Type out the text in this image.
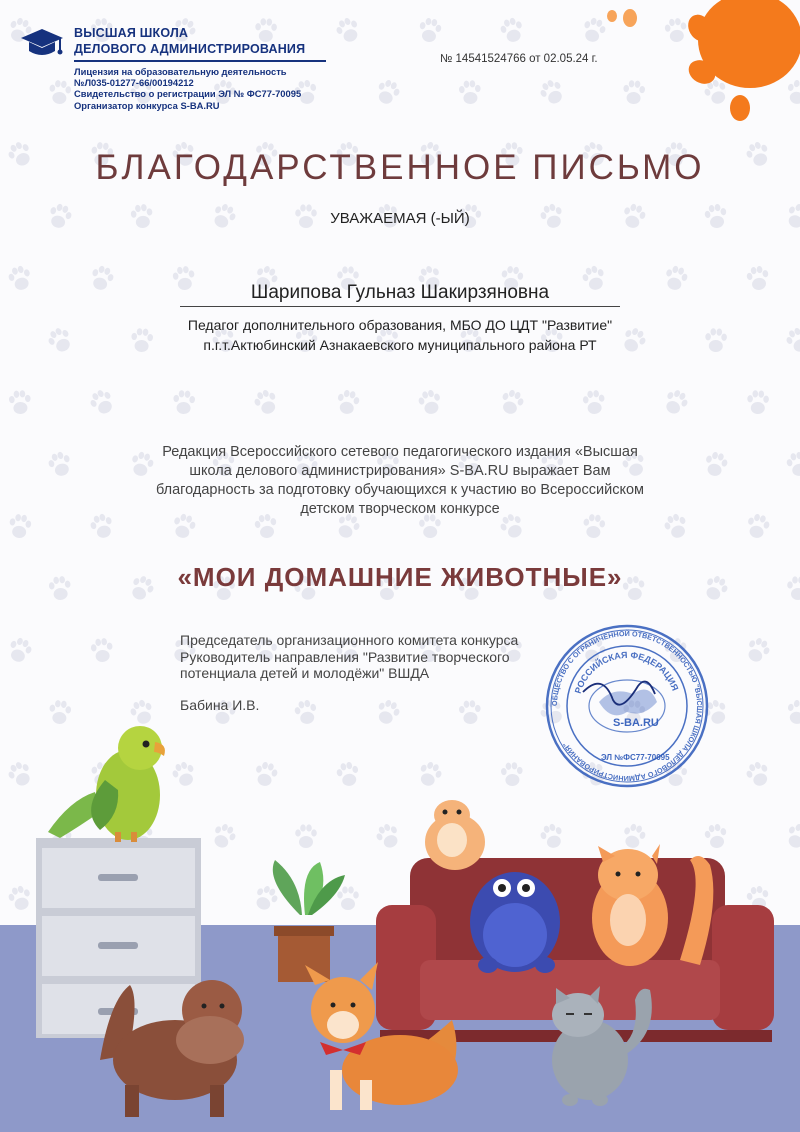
ВЫСШАЯ ШКОЛА
ДЕЛОВОГО АДМИНИСТРИРОВАНИЯ
Лицензия на образовательную деятельность
№Л035-01277-66/00194212
Свидетельство о регистрации ЭЛ № ФС77-70095
Организатор конкурса S-BA.RU
№ 14541524766 от 02.05.24 г.
БЛАГОДАРСТВЕННОЕ ПИСЬМО
УВАЖАЕМАЯ (-ЫЙ)
Шарипова Гульназ Шакирзяновна
Педагог дополнительного образования, МБО ДО ЦДТ "Развитие" п.г.т.Актюбинский Азнакаевского муниципального района РТ
Редакция Всероссийского сетевого педагогического издания «Высшая школа делового администрирования» S-BA.RU выражает Вам благодарность за подготовку обучающихся к участию во Всероссийском детском творческом конкурсе
«МОИ ДОМАШНИЕ ЖИВОТНЫЕ»
Председатель организационного комитета конкурса
Руководитель направления "Развитие творческого
потенциала детей и молодёжи" ВШДА
Бабина И.В.	ОБЩЕСТВО С ОГРАНИЧЕННОЙ ОТВЕТСТВЕННОСТЬЮ "ВЫСШАЯ ШКОЛА ДЕЛОВОГО АДМИНИСТРИРОВАНИЯ"
РОССИЙСКАЯ ФЕДЕРАЦИЯ
S-BA.RU
ЭЛ №ФС77-70095
